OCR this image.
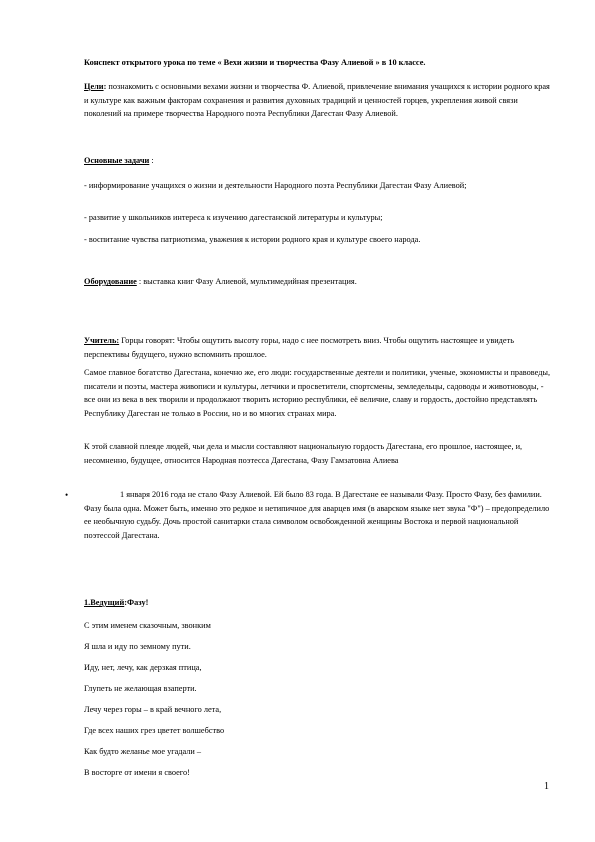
Конспект открытого урока по теме « Вехи жизни и творчества Фазу Алиевой » в 10 классе.

Цели: познакомить с основными вехами жизни и творчества Ф. Алиевой, привлечение внимания учащихся к истории родного края и культуре как важным факторам сохранения и развития духовных традиций и ценностей горцев, укрепления живой связи поколений на примере творчества Народного поэта Республики Дагестан Фазу Алиевой.

Основные задачи :

- информирование учащихся о жизни и деятельности Народного поэта Республики Дагестан Фазу Алиевой;

- развитие у школьников интереса к изучению дагестанской литературы и культуры;

- воспитание чувства патриотизма, уважения к истории родного края и культуре своего народа.

Оборудование : выставка книг Фазу Алиевой, мультимедийная презентация.

Учитель: Горцы говорят: Чтобы ощутить высоту горы, надо с нее посмотреть вниз. Чтобы ощутить настоящее и увидеть перспективы будущего, нужно вспомнить прошлое.

Самое главное богатство Дагестана, конечно же, его люди: государственные деятели и политики, ученые, экономисты и правоведы, писатели и поэты, мастера живописи и культуры, летчики и просветители, спортсмены, земледельцы, садоводы и животноводы, - все они из века в век творили и продолжают творить историю республики, её величие, славу и гордость, достойно представлять Республику Дагестан не только в России, но и во многих странах мира.

К этой славной плеяде людей, чьи дела и мысли составляют национальную гордость Дагестана, его прошлое, настоящее, и, несомненно, будущее, относится Народная поэтесса Дагестана, Фазу Гамзатовна Алиева

•	1 января 2016 года не стало Фазу Алиевой. Ей было 83 года. В Дагестане ее называли Фазу. Просто Фазу, без фамилии. Фазу была одна. Может быть, именно это редкое и нетипичное для аварцев имя (в аварском языке нет звука "Ф") – предопределило ее необычную судьбу. Дочь простой санитарки стала символом освобожденной женщины Востока и первой национальной поэтессой Дагестана.

1.Ведущий:Фазу!

С этим именем сказочным, звонким

Я шла и иду по земному пути.

Иду, нет, лечу, как дерзкая птица,

Глупеть не желающая взаперти.

Лечу через горы – в край вечного лета,

Где всех наших грез цветет волшебство

Как будто желанье мое угадали –

В восторге от имени я своего!

1
